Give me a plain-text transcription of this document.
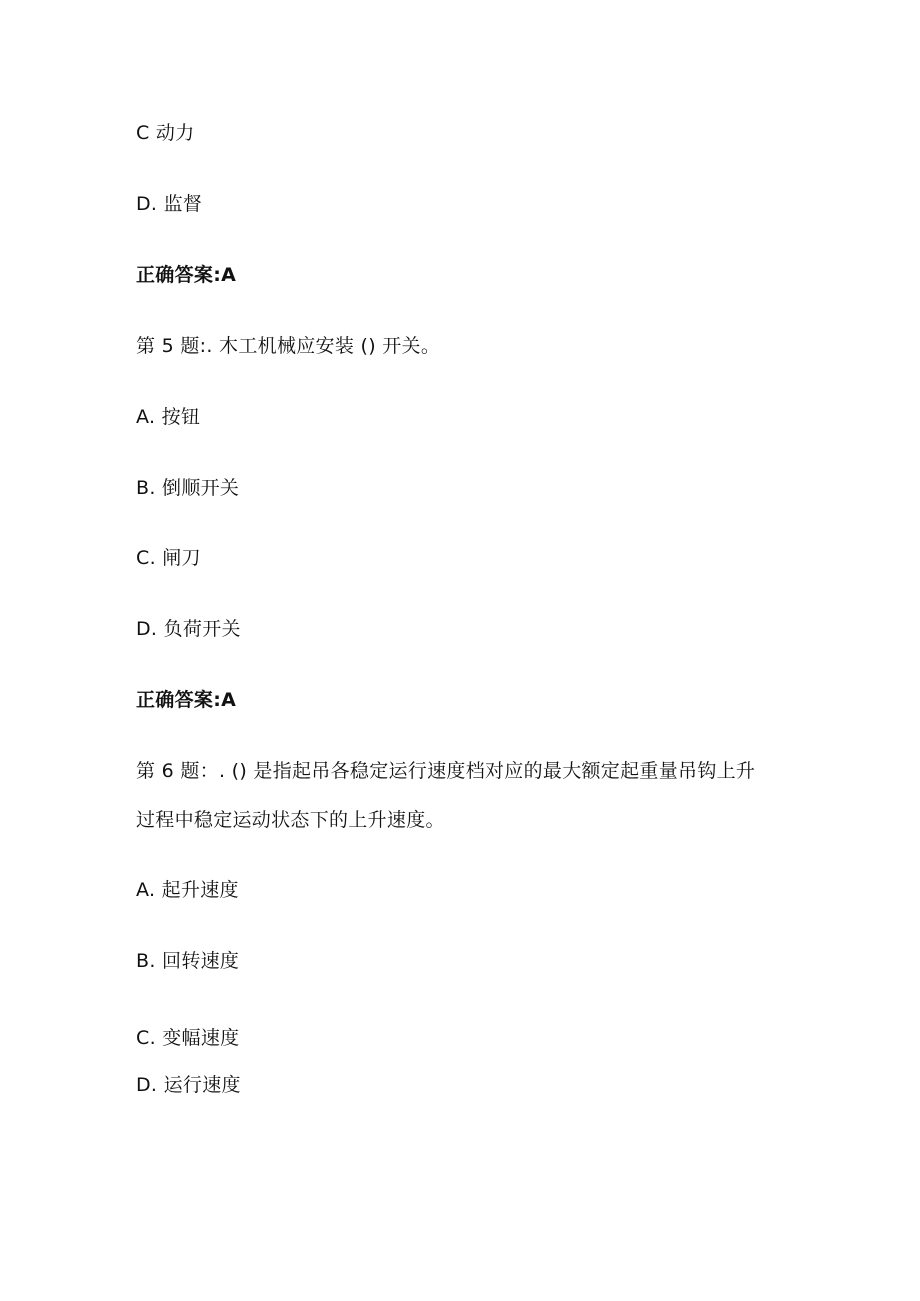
C 动力
D. 监督
正确答案:A
第 5 题:. 木工机械应安装 () 开关。
A. 按钮
B. 倒顺开关
C. 闸刀
D. 负荷开关
正确答案:A
第 6 题：. () 是指起吊各稳定运行速度档对应的最大额定起重量吊钩上升
过程中稳定运动状态下的上升速度。
A. 起升速度
B. 回转速度
C. 变幅速度
D. 运行速度
